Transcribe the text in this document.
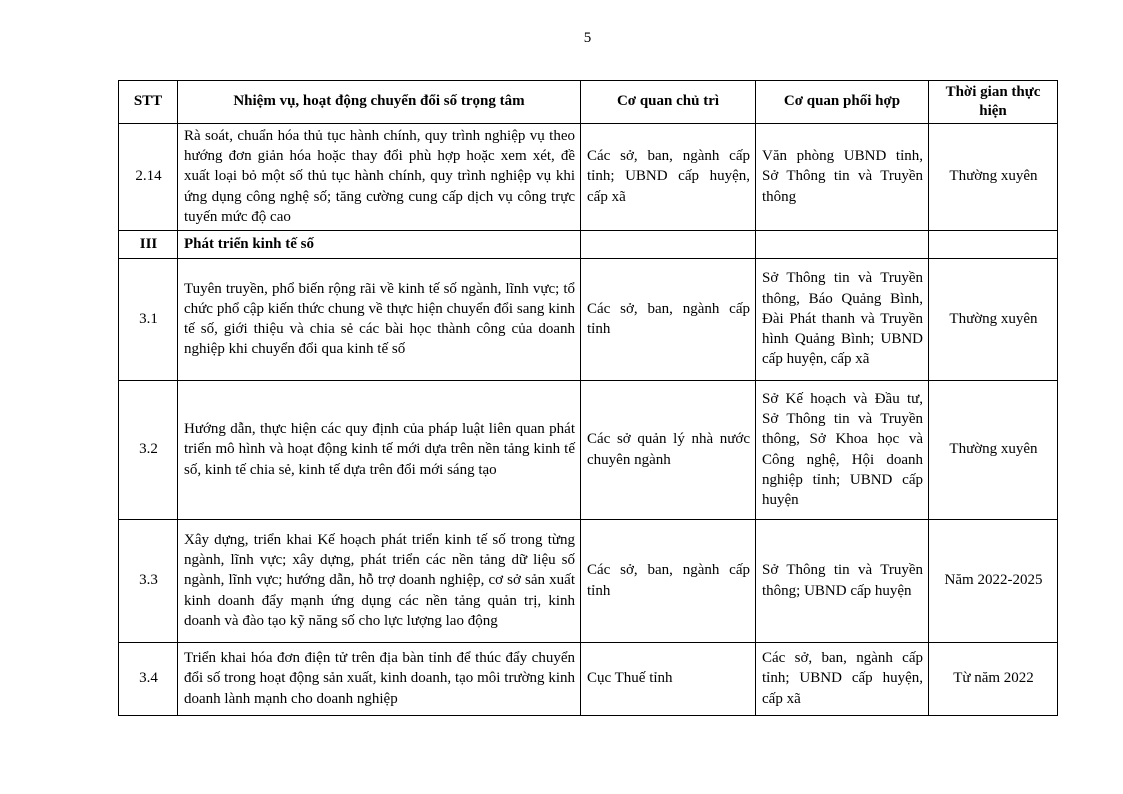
5
STT	Nhiệm vụ, hoạt động chuyển đổi số trọng tâm	Cơ quan chủ trì	Cơ quan phối hợp	Thời gian thực hiện
2.14	Rà soát, chuẩn hóa thủ tục hành chính, quy trình nghiệp vụ theo hướng đơn giản hóa hoặc thay đổi phù hợp hoặc xem xét, đề xuất loại bỏ một số thủ tục hành chính, quy trình nghiệp vụ khi ứng dụng công nghệ số; tăng cường cung cấp dịch vụ công trực tuyến mức độ cao	Các sở, ban, ngành cấp tỉnh; UBND cấp huyện, cấp xã	Văn phòng UBND tỉnh, Sở Thông tin và Truyền thông	Thường xuyên
III	Phát triển kinh tế số			
3.1	Tuyên truyền, phổ biến rộng rãi về kinh tế số ngành, lĩnh vực; tổ chức phổ cập kiến thức chung về thực hiện chuyển đổi sang kinh tế số, giới thiệu và chia sẻ các bài học thành công của doanh nghiệp khi chuyển đổi qua kinh tế số	Các sở, ban, ngành cấp tỉnh	Sở Thông tin và Truyền thông, Báo Quảng Bình, Đài Phát thanh và Truyền hình Quảng Bình; UBND cấp huyện, cấp xã	Thường xuyên
3.2	Hướng dẫn, thực hiện các quy định của pháp luật liên quan phát triển mô hình và hoạt động kinh tế mới dựa trên nền tảng kinh tế số, kinh tế chia sẻ, kinh tế dựa trên đổi mới sáng tạo	Các sở quản lý nhà nước chuyên ngành	Sở Kế hoạch và Đầu tư, Sở Thông tin và Truyền thông, Sở Khoa học và Công nghệ, Hội doanh nghiệp tỉnh; UBND cấp huyện	Thường xuyên
3.3	Xây dựng, triển khai Kế hoạch phát triển kinh tế số trong từng ngành, lĩnh vực; xây dựng, phát triển các nền tảng dữ liệu số ngành, lĩnh vực; hướng dẫn, hỗ trợ doanh nghiệp, cơ sở sản xuất kinh doanh đẩy mạnh ứng dụng các nền tảng quản trị, kinh doanh và đào tạo kỹ năng số cho lực lượng lao động	Các sở, ban, ngành cấp tỉnh	Sở Thông tin và Truyền thông; UBND cấp huyện	Năm 2022-2025
3.4	Triển khai hóa đơn điện tử trên địa bàn tỉnh để thúc đẩy chuyển đổi số trong hoạt động sản xuất, kinh doanh, tạo môi trường kinh doanh lành mạnh cho doanh nghiệp	Cục Thuế tỉnh	Các sở, ban, ngành cấp tỉnh; UBND cấp huyện, cấp xã	Từ năm 2022
